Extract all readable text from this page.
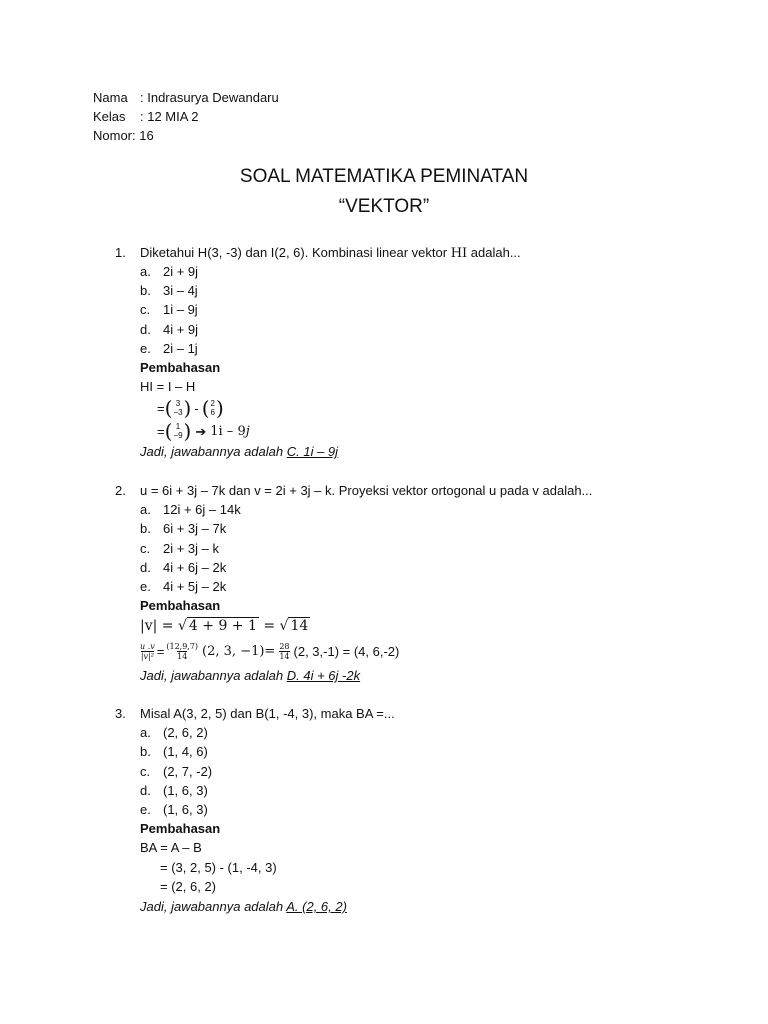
Nama : Indrasurya Dewandaru
Kelas	: 12 MIA 2
Nomor : 16
SOAL MATEMATIKA PEMINATAN
“VEKTOR”
1. Diketahui H(3, -3) dan I(2, 6). Kombinasi linear vektor HI adalah...
a. 2i + 9j
b. 3i – 4j
c. 1i – 9j
d. 4i + 9j
e. 2i – 1j
Pembahasan
HI = I – H
= ( 3
−3 ) - ( 2
6 )
= ( 1
−9 ) ➔ 1i – 9 j
Jadi, jawabannya adalah C. 1i – 9j
2. u = 6i + 3j – 7k dan v = 2i + 3j – k. Proyeksi vektor ortogonal u pada v adalah...
a. 12i + 6j – 14k
b. 6i + 3j – 7k
c. 2i + 3j – k
d. 4i + 6j – 2k
e. 4i + 5j – 2k
Pembahasan
|v| = √ 4 + 9 + 1 = √ 14
$\frac{u .v}{\text{|v|²}} = \frac{(12,9,7)}{14} (2$, 3, $-1)= \frac{28}{14} (2$, 3,-1) = (4, 6,-2)
Jadi, jawabannya adalah D. 4i + 6j -2k
3. Misal A(3, 2, 5) dan B(1, -4, 3), maka BA =...
a. (2, 6, 2)
b. (1, 4, 6)
c. (2, 7, -2)
d. (1, 6, 3)
e. (1, 6, 3)
Pembahasan
BA = A – B
= (3, 2, 5) - (1, -4, 3)
= (2, 6, 2)
Jadi, jawabannya adalah A. (2, 6, 2)
